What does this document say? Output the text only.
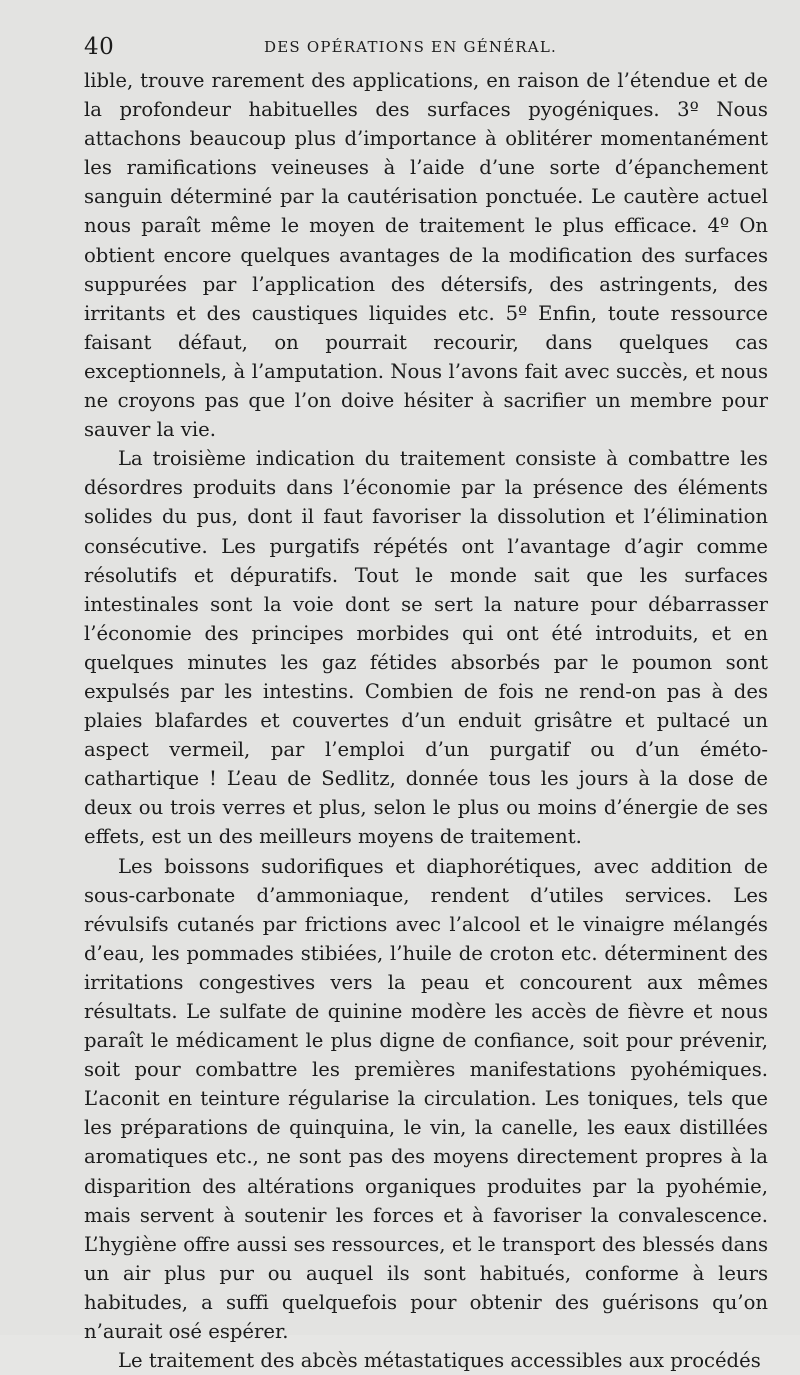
40	DES OPÉRATIONS EN GÉNÉRAL.

lible, trouve rarement des applications, en raison de l’étendue et de la profondeur habituelles des surfaces pyogéniques. 3º Nous attachons beaucoup plus d’importance à oblitérer momentanément les ramifications veineuses à l’aide d’une sorte d’épanchement sanguin déterminé par la cautérisation ponctuée. Le cautère actuel nous paraît même le moyen de traitement le plus efficace. 4º On obtient encore quelques avantages de la modification des surfaces suppurées par l’application des détersifs, des astringents, des irritants et des caustiques liquides etc. 5º Enfin, toute ressource faisant défaut, on pourrait recourir, dans quelques cas exceptionnels, à l’amputation. Nous l’avons fait avec succès, et nous ne croyons pas que l’on doive hésiter à sacrifier un membre pour sauver la vie.

La troisième indication du traitement consiste à combattre les désordres produits dans l’économie par la présence des éléments solides du pus, dont il faut favoriser la dissolution et l’élimination consécutive. Les purgatifs répétés ont l’avantage d’agir comme résolutifs et dépuratifs. Tout le monde sait que les surfaces intestinales sont la voie dont se sert la nature pour débarrasser l’économie des principes morbides qui ont été introduits, et en quelques minutes les gaz fétides absorbés par le poumon sont expulsés par les intestins. Combien de fois ne rend-on pas à des plaies blafardes et couvertes d’un enduit grisâtre et pultacé un aspect vermeil, par l’emploi d’un purgatif ou d’un éméto-cathartique ! L’eau de Sedlitz, donnée tous les jours à la dose de deux ou trois verres et plus, selon le plus ou moins d’énergie de ses effets, est un des meilleurs moyens de traitement.

Les boissons sudorifiques et diaphorétiques, avec addition de sous-carbonate d’ammoniaque, rendent d’utiles services. Les révulsifs cutanés par frictions avec l’alcool et le vinaigre mélangés d’eau, les pommades stibiées, l’huile de croton etc. déterminent des irritations congestives vers la peau et concourent aux mêmes résultats. Le sulfate de quinine modère les accès de fièvre et nous paraît le médicament le plus digne de confiance, soit pour prévenir, soit pour combattre les premières manifestations pyohémiques. L’aconit en teinture régularise la circulation. Les toniques, tels que les préparations de quinquina, le vin, la canelle, les eaux distillées aromatiques etc., ne sont pas des moyens directement propres à la disparition des altérations organiques produites par la pyohémie, mais servent à soutenir les forces et à favoriser la convalescence. L’hygiène offre aussi ses ressources, et le transport des blessés dans un air plus pur ou auquel ils sont habitués, conforme à leurs habitudes, a suffi quelquefois pour obtenir des guérisons qu’on n’aurait osé espérer.

Le traitement des abcès métastatiques accessibles aux procédés
